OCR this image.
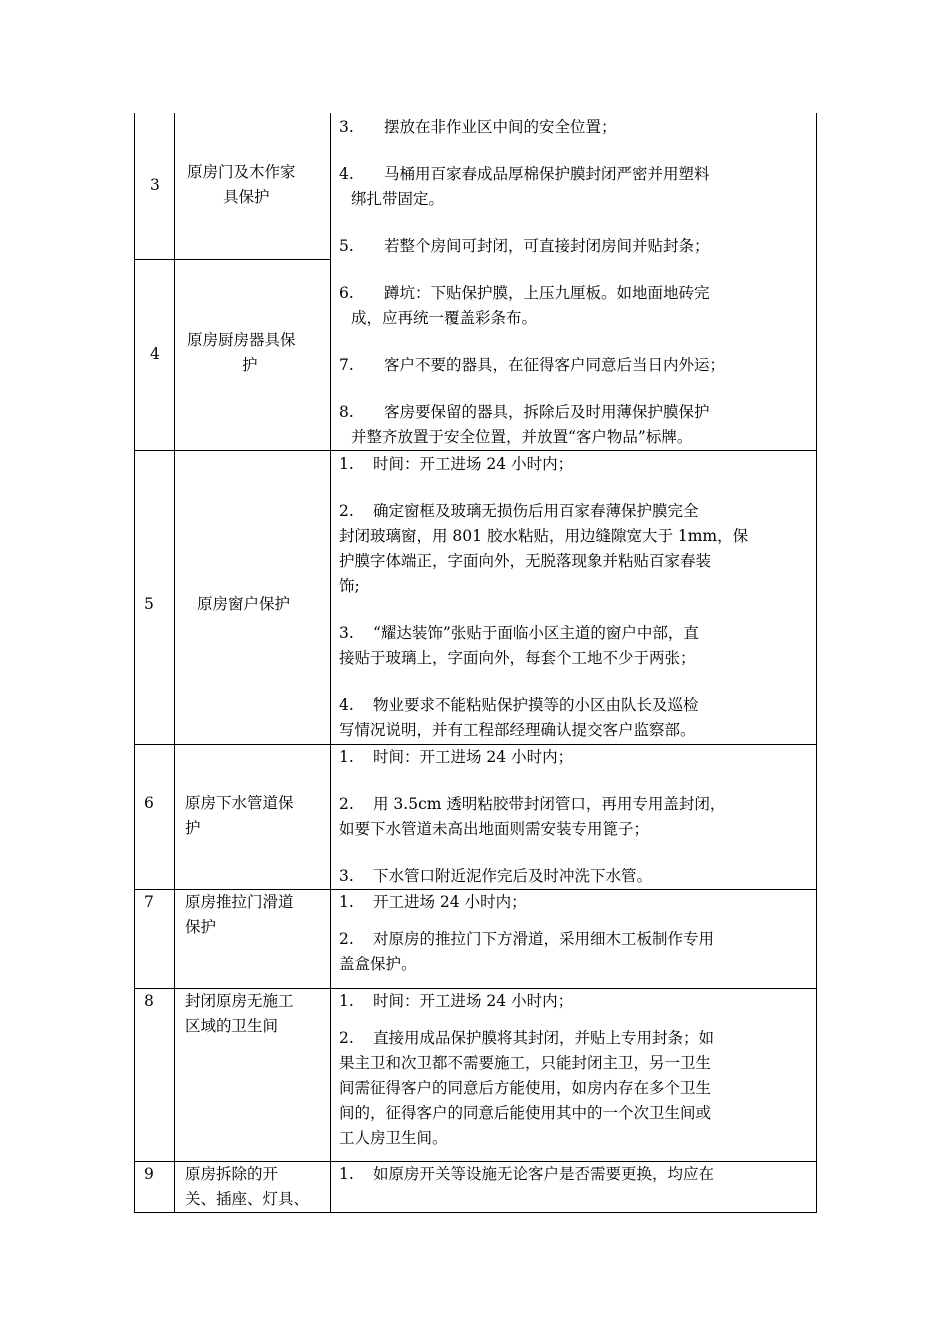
3
原房门及木作家
具保护
4
原房厨房器具保
护
3. 摆放在非作业区中间的安全位置；
4. 马桶用百家春成品厚棉保护膜封闭严密并用塑料
绑扎带固定。
5. 若整个房间可封闭，可直接封闭房间并贴封条；
6. 蹲坑：下贴保护膜，上压九厘板。如地面地砖完
成，应再统一覆盖彩条布。
7. 客户不要的器具，在征得客户同意后当日内外运；
8. 客房要保留的器具，拆除后及时用薄保护膜保护
并整齐放置于安全位置，并放置“客户物品”标牌。
5	原房窗户保护
1. 时间：开工进场 24 小时内；
2. 确定窗框及玻璃无损伤后用百家春薄保护膜完全
封闭玻璃窗，用 801 胶水粘贴，用边缝隙宽大于 1mm，保
护膜字体端正，字面向外，无脱落现象并粘贴百家春装
饰;
3. “耀达装饰”张贴于面临小区主道的窗户中部，直
接贴于玻璃上，字面向外，每套个工地不少于两张；
4. 物业要求不能粘贴保护摸等的小区由队长及巡检
写情况说明，并有工程部经理确认提交客户监察部。
6 原房下水管道保
护
1. 时间：开工进场 24 小时内；
2. 用 3.5cm 透明粘胶带封闭管口，再用专用盖封闭，
如要下水管道未高出地面则需安装专用篦子；
3. 下水管口附近泥作完后及时冲洗下水管。
7 原房推拉门滑道
保护
1. 开工进场 24 小时内；
2. 对原房的推拉门下方滑道，采用细木工板制作专用
盖盒保护。
8 封闭原房无施工
区域的卫生间
1. 时间：开工进场 24 小时内；
2. 直接用成品保护膜将其封闭，并贴上专用封条；如
果主卫和次卫都不需要施工，只能封闭主卫，另一卫生
间需征得客户的同意后方能使用，如房内存在多个卫生
间的，征得客户的同意后能使用其中的一个次卫生间或
工人房卫生间。
9 原房拆除的开
关、插座、灯具、
1. 如原房开关等设施无论客户是否需要更换，均应在
